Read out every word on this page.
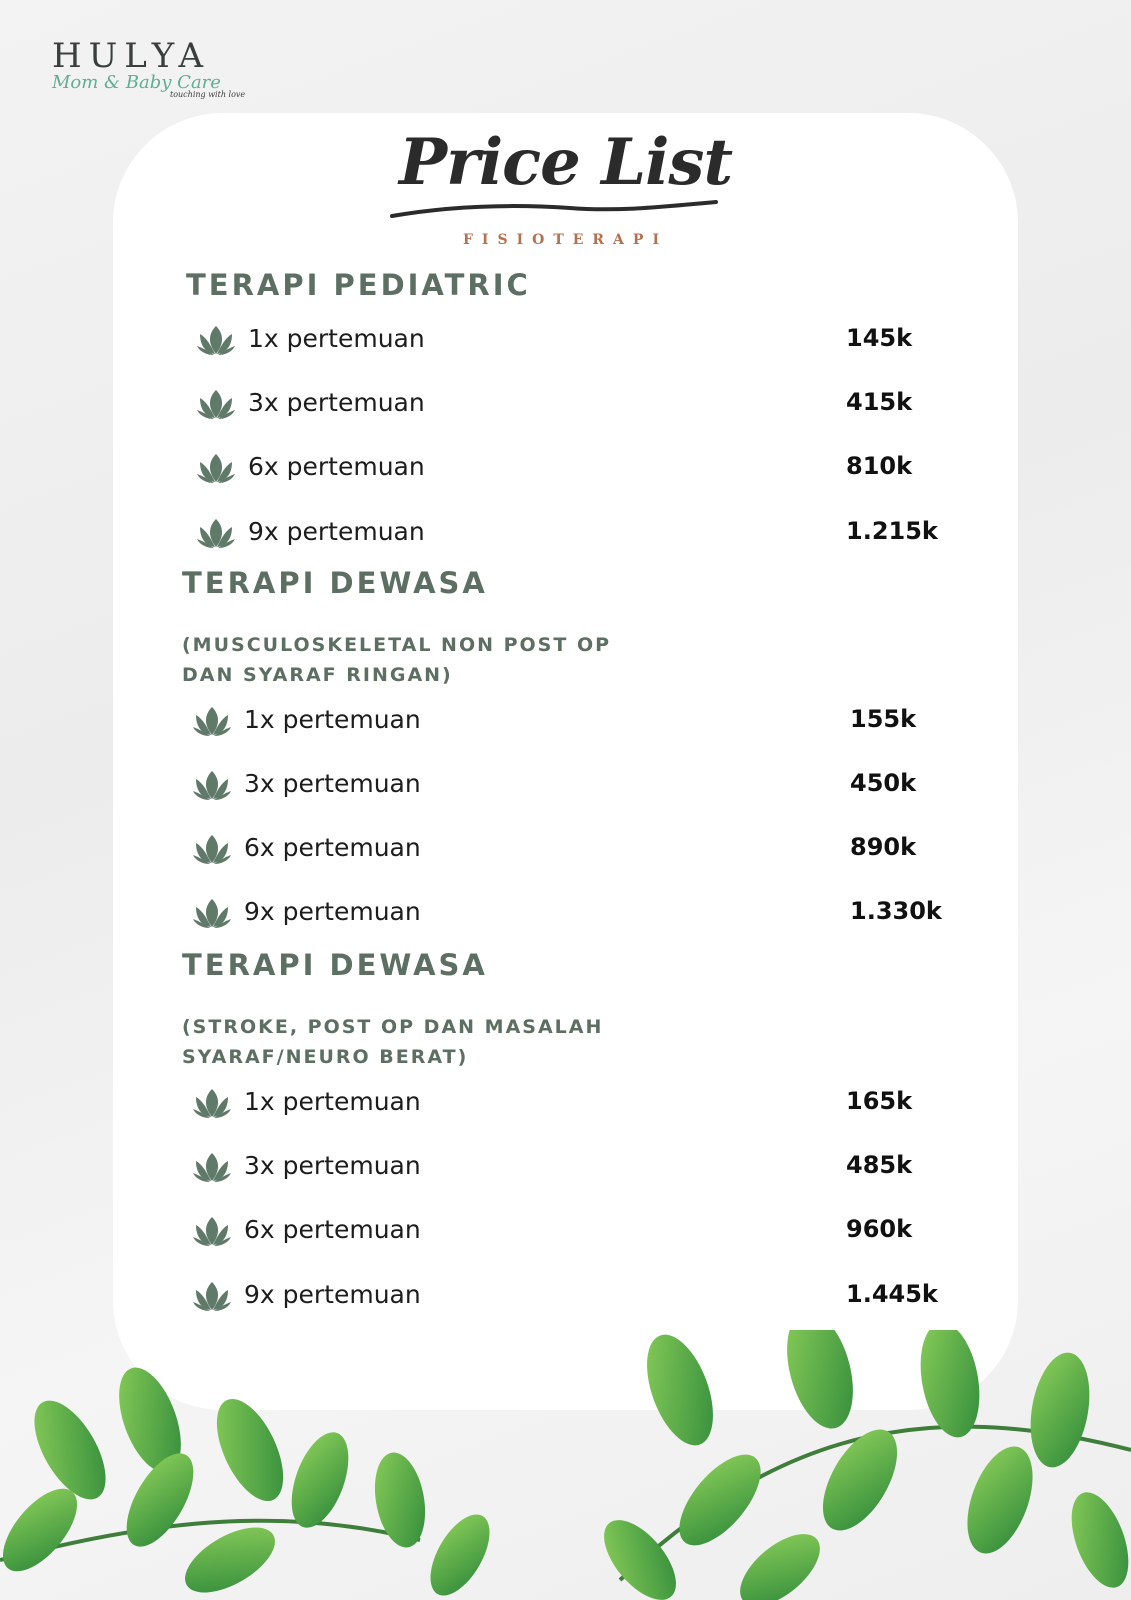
HULYA
Mom & Baby Care
touching with love
Price List
FISIOTERAPI
TERAPI PEDIATRIC
1x pertemuan	145k
3x pertemuan	415k
6x pertemuan	810k
9x pertemuan	1.215k
TERAPI DEWASA
(MUSCULOSKELETAL NON POST OP
DAN SYARAF RINGAN)
1x pertemuan	155k
3x pertemuan	450k
6x pertemuan	890k
9x pertemuan	1.330k
TERAPI DEWASA
(STROKE, POST OP DAN MASALAH
SYARAF/NEURO BERAT)
1x pertemuan	165k
3x pertemuan	485k
6x pertemuan	960k
9x pertemuan	1.445k
